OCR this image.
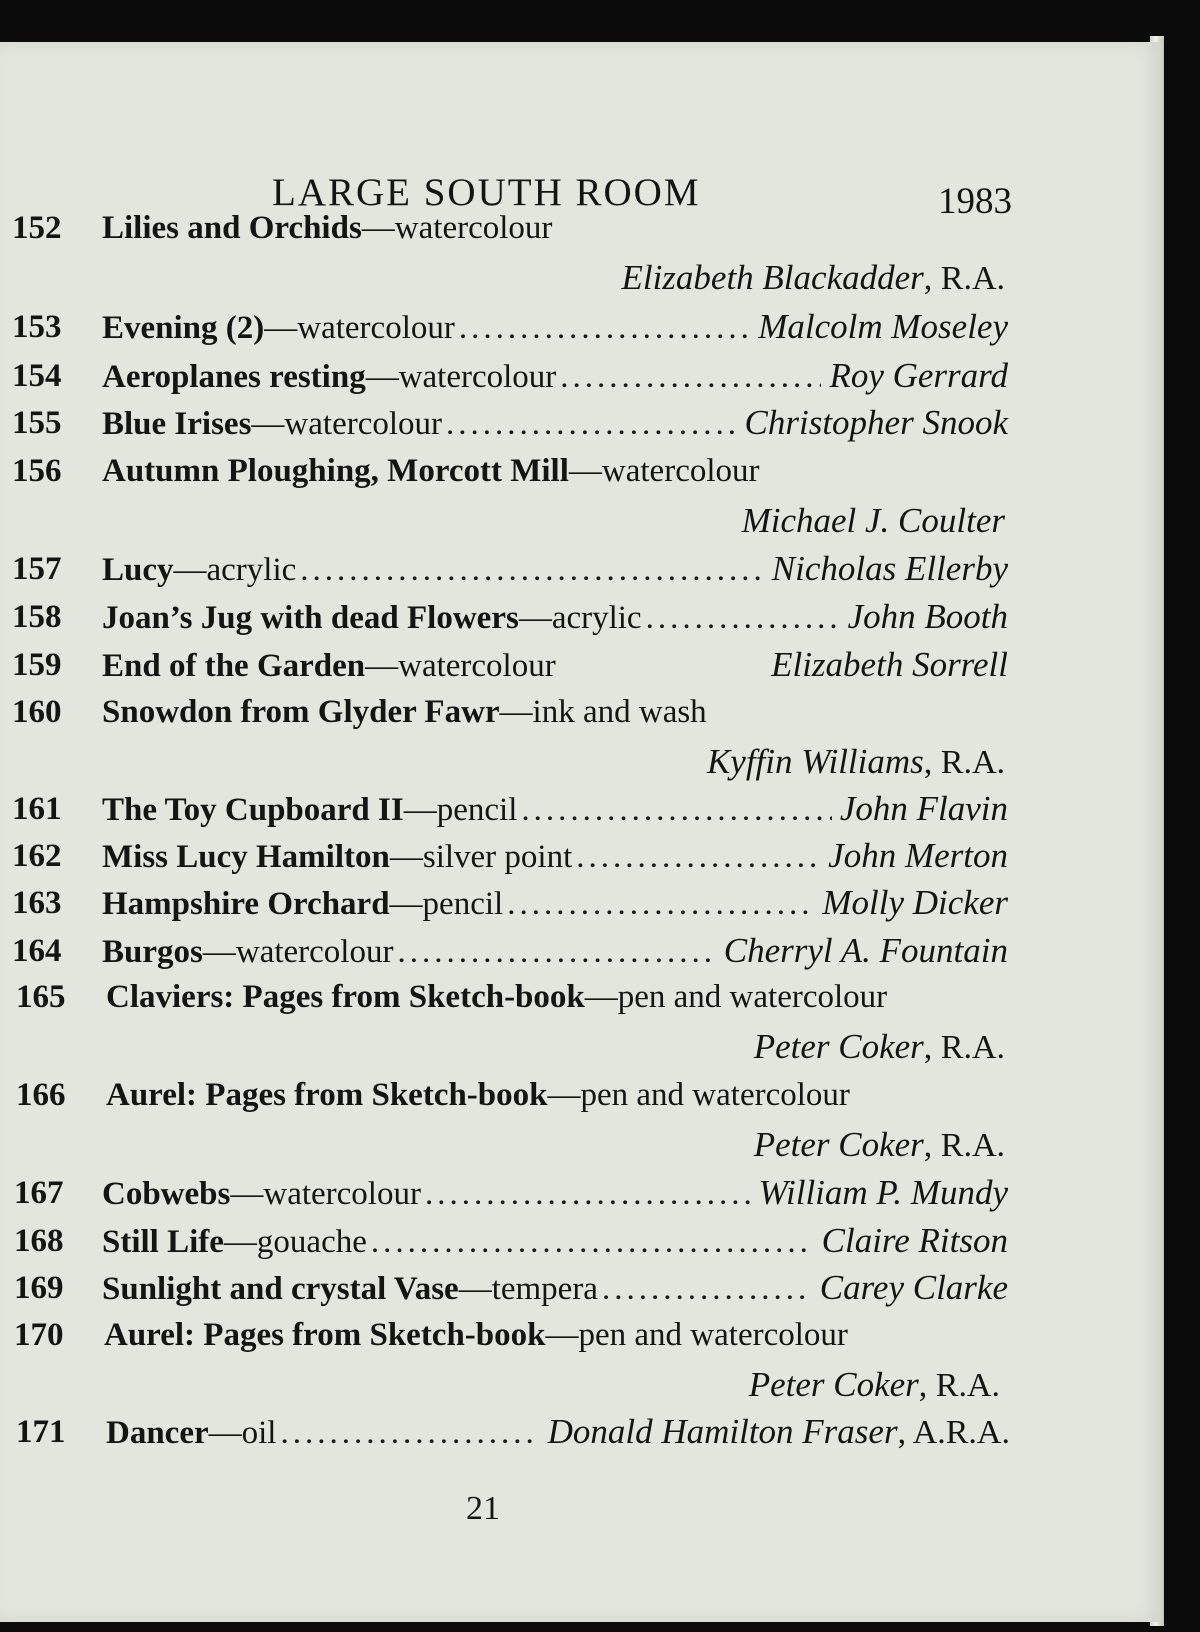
LARGE SOUTH ROOM	1983
152 Lilies and Orchids —watercolour
Elizabeth Blackadder, R.A.
153 Evening (2) —watercolour .....	Malcolm Moseley
154 Aeroplanes resting —watercolour .....	Roy Gerrard
155 Blue Irises —watercolour .....	Christopher Snook
156 Autumn Ploughing, Morcott Mill —watercolour
Michael J. Coulter
157 Lucy —acrylic .....	Nicholas Ellerby
158 Joan’s Jug with dead Flowers —acrylic .....	John Booth
159 End of the Garden —watercolour	Elizabeth Sorrell
160 Snowdon from Glyder Fawr —ink and wash
Kyffin Williams, R.A.
161 The Toy Cupboard II —pencil .....	John Flavin
162 Miss Lucy Hamilton —silver point .....	John Merton
163 Hampshire Orchard —pencil .....	Molly Dicker
164 Burgos —watercolour .....	Cherryl A. Fountain
165 Claviers: Pages from Sketch-book —pen and watercolour
Peter Coker, R.A.
166 Aurel: Pages from Sketch-book —pen and watercolour
Peter Coker, R.A.
167 Cobwebs —watercolour .....	William P. Mundy
168 Still Life —gouache .....	Claire Ritson
169 Sunlight and crystal Vase —tempera .....	Carey Clarke
170 Aurel: Pages from Sketch-book —pen and watercolour
Peter Coker, R.A.
171 Dancer —oil .....	Donald Hamilton Fraser , A.R.A.
21
